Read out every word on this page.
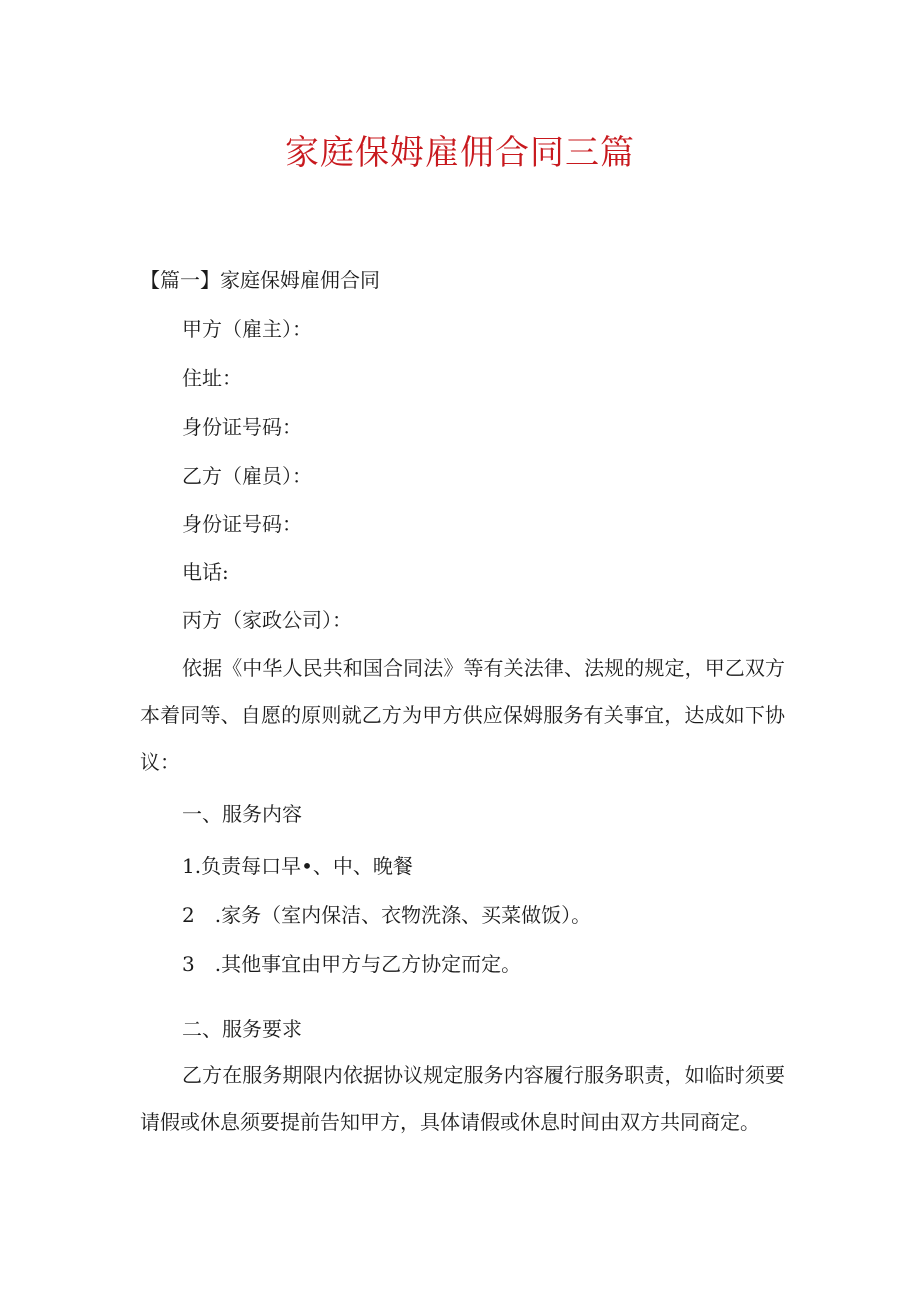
家庭保姆雇佣合同三篇
【篇一】家庭保姆雇佣合同
甲方（雇主）：
住址：
身份证号码：
乙方（雇员）：
身份证号码：
电话:
丙方（家政公司）：
依据《中华人民共和国合同法》等有关法律、法规的规定，甲乙双方本着同等、自愿的原则就乙方为甲方供应保姆服务有关事宜，达成如下协议：
一、服务内容
1.负责每口早•、中、晚餐
2　.家务（室内保洁、衣物洗涤、买菜做饭）。
3　.其他事宜由甲方与乙方协定而定。
二、服务要求
乙方在服务期限内依据协议规定服务内容履行服务职责，如临时须要请假或休息须要提前告知甲方，具体请假或休息时间由双方共同商定。
